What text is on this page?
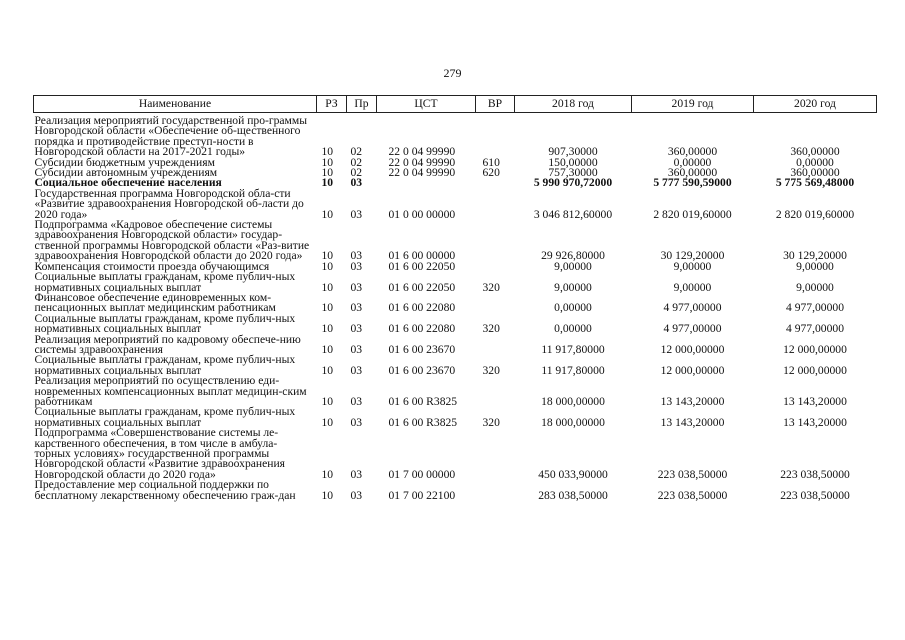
279
Наименование	РЗ	Пр	ЦСТ	ВР	2018 год	2019 год	2020 год
Реализация мероприятий государственной про-граммы Новгородской области «Обеспечение об-щественного порядка и противодействие преступ-ности в Новгородской области на 2017-2021 годы»	10	02	22 0 04 99990		907,30000	360,00000	360,00000
Субсидии бюджетным учреждениям	10	02	22 0 04 99990	610	150,00000	0,00000	0,00000
Субсидии автономным учреждениям	10	02	22 0 04 99990	620	757,30000	360,00000	360,00000
Социальное обеспечение населения	10	03			5 990 970,72000	5 777 590,59000	5 775 569,48000
Государственная программа Новгородской обла-сти «Развитие здравоохранения Новгородской об-ласти до 2020 года»	10	03	01 0 00 00000		3 046 812,60000	2 820 019,60000	2 820 019,60000
Подпрограмма «Кадровое обеспечение системы здравоохранения Новгородской области» государ-ственной программы Новгородской области «Раз-витие здравоохранения Новгородской области до 2020 года»	10	03	01 6 00 00000		29 926,80000	30 129,20000	30 129,20000
Компенсация стоимости проезда обучающимся	10	03	01 6 00 22050		9,00000	9,00000	9,00000
Социальные выплаты гражданам, кроме публич-ных нормативных социальных выплат	10	03	01 6 00 22050	320	9,00000	9,00000	9,00000
Финансовое обеспечение единовременных ком-пенсационных выплат медицинским работникам	10	03	01 6 00 22080		0,00000	4 977,00000	4 977,00000
Социальные выплаты гражданам, кроме публич-ных нормативных социальных выплат	10	03	01 6 00 22080	320	0,00000	4 977,00000	4 977,00000
Реализация мероприятий по кадровому обеспече-нию системы здравоохранения	10	03	01 6 00 23670		11 917,80000	12 000,00000	12 000,00000
Социальные выплаты гражданам, кроме публич-ных нормативных социальных выплат	10	03	01 6 00 23670	320	11 917,80000	12 000,00000	12 000,00000
Реализация мероприятий по осуществлению еди-новременных компенсационных выплат медицин-ским работникам	10	03	01 6 00 R3825		18 000,00000	13 143,20000	13 143,20000
Социальные выплаты гражданам, кроме публич-ных нормативных социальных выплат	10	03	01 6 00 R3825	320	18 000,00000	13 143,20000	13 143,20000
Подпрограмма «Совершенствование системы ле-карственного обеспечения, в том числе в амбула-торных условиях» государственной программы Новгородской области «Развитие здравоохранения Новгородской области до 2020 года»	10	03	01 7 00 00000		450 033,90000	223 038,50000	223 038,50000
Предоставление мер социальной поддержки по бесплатному лекарственному обеспечению граж-дан	10	03	01 7 00 22100		283 038,50000	223 038,50000	223 038,50000
